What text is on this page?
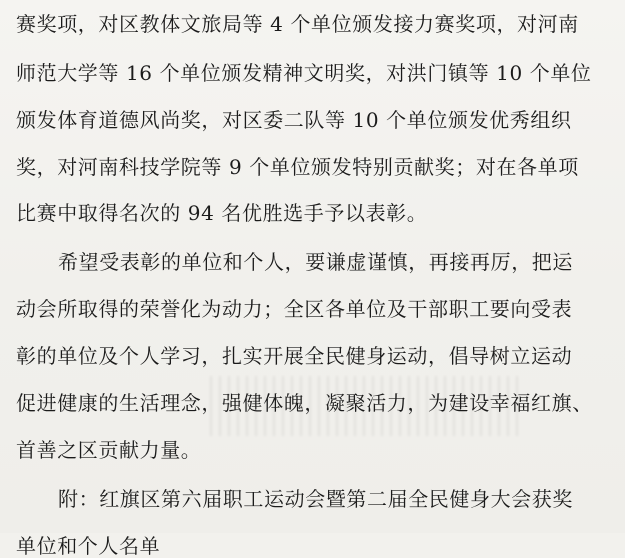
赛奖项，对区教体文旅局等 4 个单位颁发接力赛奖项，对河南
师范大学等 16 个单位颁发精神文明奖，对洪门镇等 10 个单位
颁发体育道德风尚奖，对区委二队等 10 个单位颁发优秀组织
奖，对河南科技学院等 9 个单位颁发特别贡献奖；对在各单项
比赛中取得名次的 94 名优胜选手予以表彰。
希望受表彰的单位和个人，要谦虚谨慎，再接再厉，把运
动会所取得的荣誉化为动力；全区各单位及干部职工要向受表
彰的单位及个人学习，扎实开展全民健身运动，倡导树立运动
促进健康的生活理念，强健体魄，凝聚活力，为建设幸福红旗、
首善之区贡献力量。
附：红旗区第六届职工运动会暨第二届全民健身大会获奖
单位和个人名单
